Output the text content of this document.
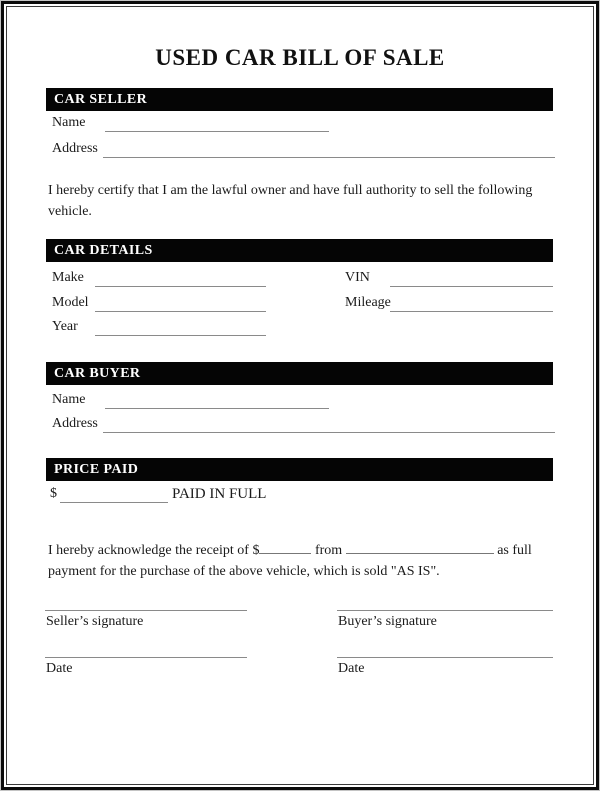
USED CAR BILL OF SALE
CAR SELLER
Name
Address
I hereby certify that I am the lawful owner and have full authority to sell the following vehicle.
CAR DETAILS
Make	VIN
Model	Mileage
Year
CAR BUYER
Name
Address
PRICE PAID
$	PAID IN FULL
I hereby acknowledge the receipt of $	from	as full payment for the purchase of the above vehicle, which is sold "AS IS".
Seller’s signature	Buyer’s signature
Date	Date
